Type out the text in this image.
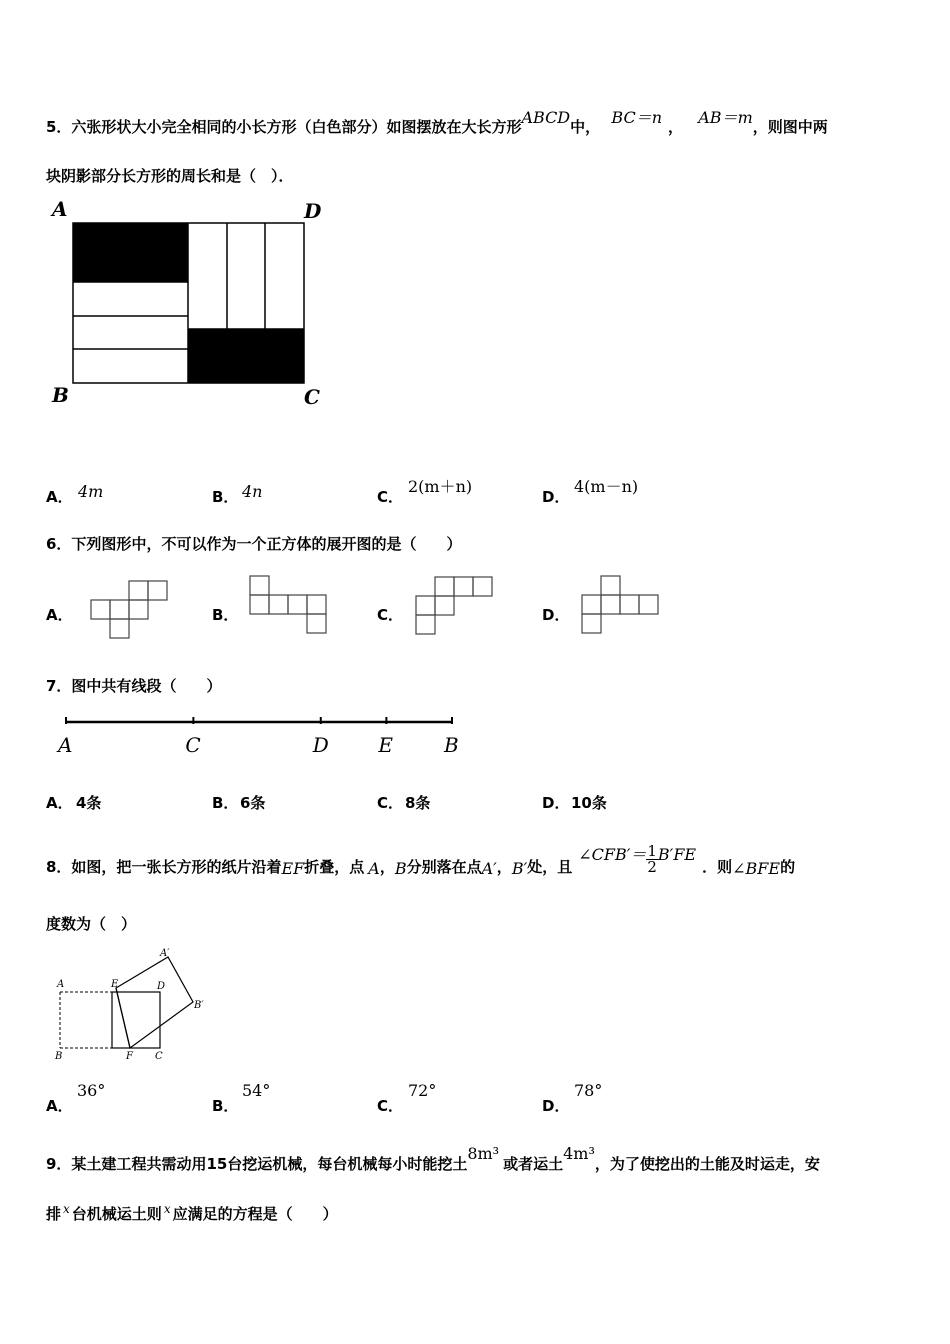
5．六张形状大小完全相同的小长方形（白色部分）如图摆放在大长方形ABCD中， BC＝n ， AB＝m，则图中两
块阴影部分长方形的周长和是（　）．
A	D
B	C
A． 4m	B． 4n	C．
2(m＋n)
D．
4(m－n)
6．下列图形中，不可以作为一个正方体的展开图的是（　　）
A．	B．	C．	D．
7．图中共有线段（　　）
A	C	D E	B
A． 4条	B． 6条	C． 8条	D． 10条
8．如图，把一张长方形的纸片沿着EF折叠，点 A，B分别落在点A′，B′处，且∠CFB′＝ $\frac{1}{2} B'FE$．则∠BFE的
度数为（　）
A	E	D
A′
B′
B	F C
A．
36°
B．
54°
C．
72°
D．
78°
9．某土建工程共需动用15台挖运机械，每台机械每小时能挖土8m³或者运土4m³，为了使挖出的土能及时运走，安
排 $^x$ 台机械运土则 $^x$ 应满足的方程是（　　）
